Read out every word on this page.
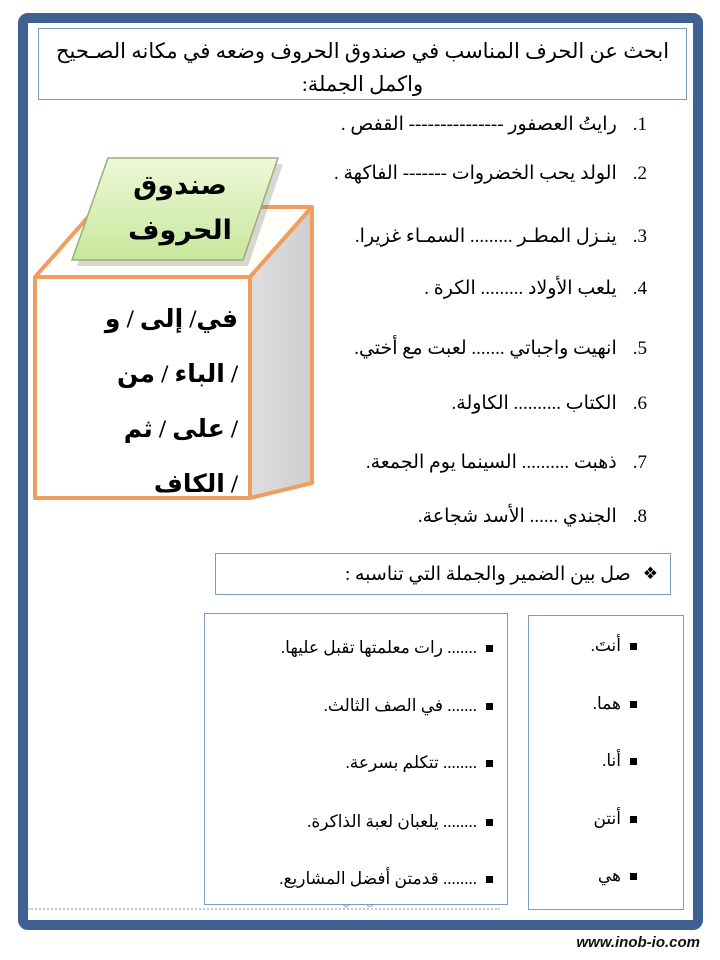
ابحث عن الحرف المناسب في صندوق الحروف وضعه في مكانه الصـحيح
واكمل الجملة:
1.رايتُ العصفور --------------- القفص .
2.الولد يحب الخضروات ------- الفاكهة .
3.ينـزل المطـر ......... السمـاء غزيرا.
4.يلعب الأولاد ......... الكرة .
5.انهيت واجباتي ....... لعبت مع أختي.
6.الكتاب .......... الكاولة.
7.ذهبت .......... السينما يوم الجمعة.
8.الجندي ...... الأسد شجاعة.
صندوق
الحروف
في/ إلى / و
/ الباء / من
/ على / ثم
/ الكاف
❖
صل بين الضمير والجملة التي تناسبه :
....... رات معلمتها تقبل عليها.
....... في الصف الثالث.
........ تتكلم بسرعة.
........ يلعبان لعبة الذاكرة.
........ قدمتن أفضل المشاريع.
أنتَ.
هما.
أنا.
أنتن
هي
www.inob-io.com
